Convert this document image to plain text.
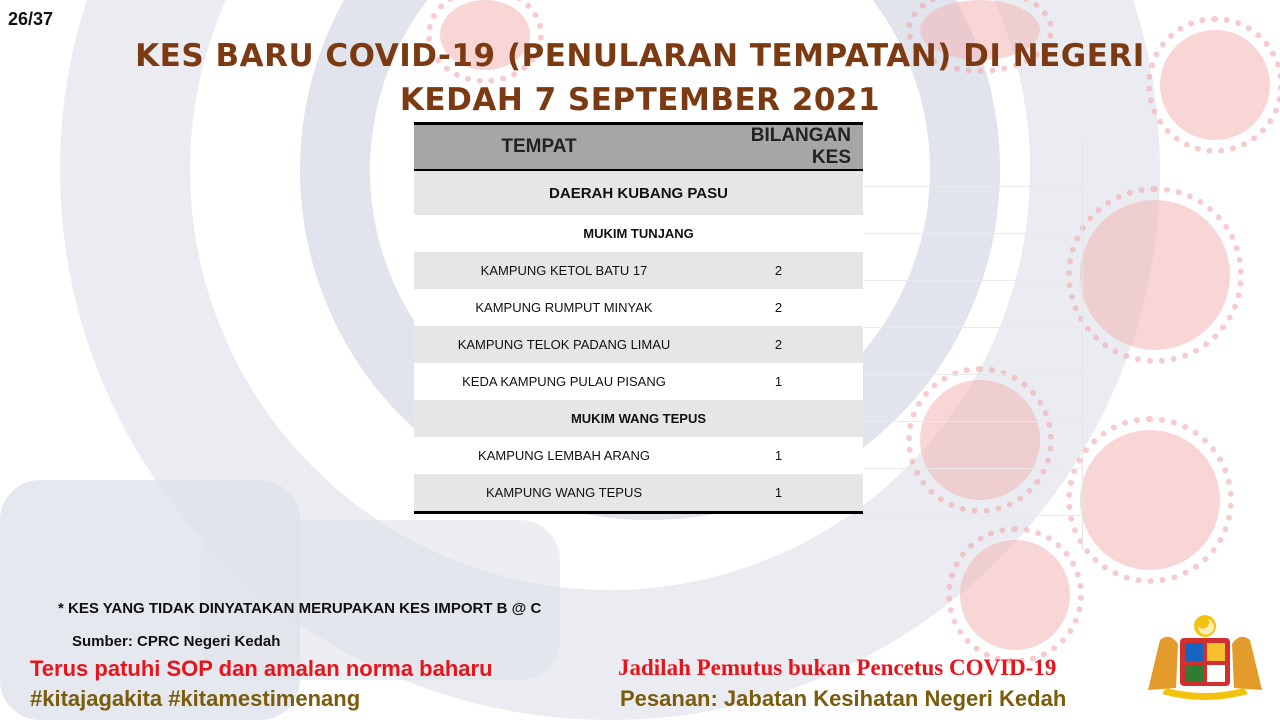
26/37
KES BARU COVID-19 (PENULARAN TEMPATAN) DI NEGERI
KEDAH 7 SEPTEMBER 2021
TEMPAT	BILANGAN KES
DAERAH KUBANG PASU	
MUKIM TUNJANG	
KAMPUNG KETOL BATU 17	2
KAMPUNG RUMPUT MINYAK	2
KAMPUNG TELOK PADANG LIMAU	2
KEDA KAMPUNG PULAU PISANG	1
MUKIM WANG TEPUS	
KAMPUNG LEMBAH ARANG	1
KAMPUNG WANG TEPUS	1
* KES YANG TIDAK DINYATAKAN MERUPAKAN KES IMPORT B @ C
Sumber: CPRC Negeri Kedah
Terus patuhi SOP dan amalan norma baharu
#kitajagakita #kitamestimenang
Jadilah Pemutus bukan Pencetus COVID-19
Pesanan: Jabatan Kesihatan Negeri Kedah
